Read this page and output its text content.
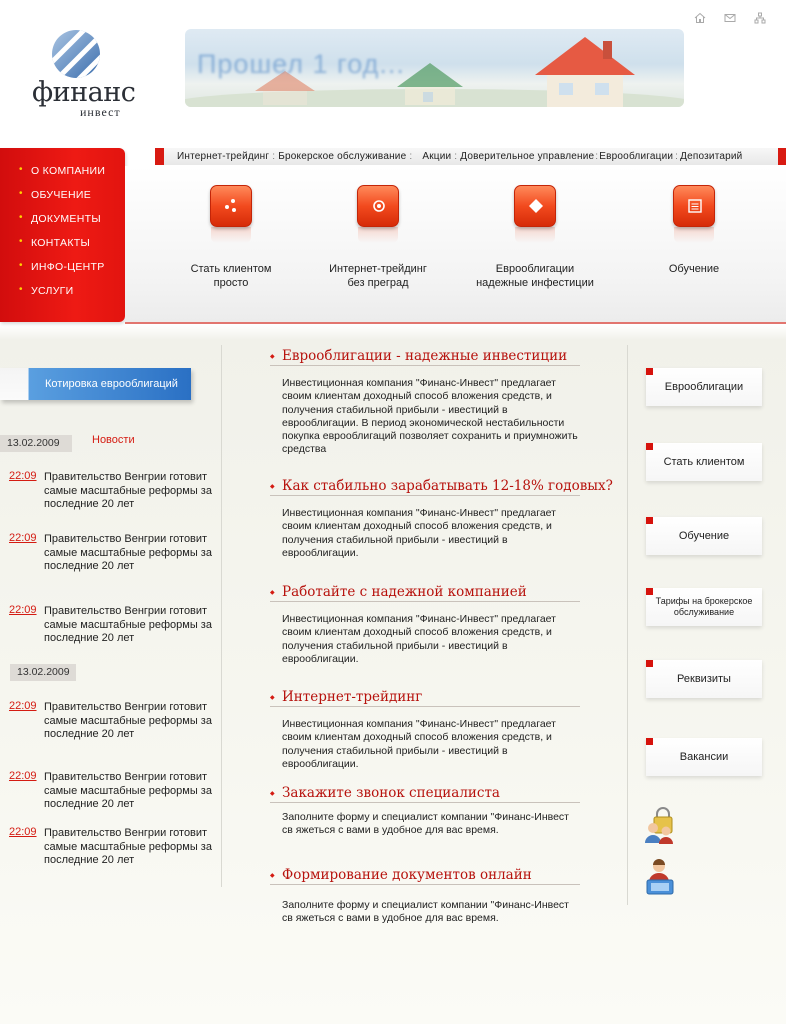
финанс
инвест
Прошел 1 год...
• О КОМПАНИИ
• ОБУЧЕНИЕ
• ДОКУМЕНТЫ
• КОНТАКТЫ
• ИНФО-ЦЕНТР
• УСЛУГИ
Интернет-трейдинг : Брокерское обслуживание : Акции : Доверительное управление:Еврооблигации : Депозитарий
Стать клиентом
просто
Интернет-трейдинг
без преград
Еврооблигации
надежные инфестиции
Обучение

Котировка еврооблигаций
13.02.2009	Новости
22:09 Правительство Венгрии готовит самые масштабные реформы за последние 20 лет
22:09 Правительство Венгрии готовит самые масштабные реформы за последние 20 лет
22:09 Правительство Венгрии готовит самые масштабные реформы за последние 20 лет
13.02.2009
22:09 Правительство Венгрии готовит самые масштабные реформы за последние 20 лет
22:09 Правительство Венгрии готовит самые масштабные реформы за последние 20 лет
22:09 Правительство Венгрии готовит самые масштабные реформы за последние 20 лет
◆ Еврооблигации - надежные инвестиции

Инвестиционная компания "Финанс-Инвест" предлагает своим клиентам доходный способ вложения средств, и получения стабильной прибыли - ивестиций в еврооблигации. В период экономической нестабильности покупка еврооблигаций позволяет сохранить и приумножить средства

◆ Как стабильно зарабатывать 12-18% годовых?

Инвестиционная компания "Финанс-Инвест" предлагает своим клиентам доходный способ вложения средств, и получения стабильной прибыли - ивестиций в еврооблигации.

◆ Работайте с надежной компанией

Инвестиционная компания "Финанс-Инвест" предлагает своим клиентам доходный способ вложения средств, и получения стабильной прибыли - ивестиций в еврооблигации.

◆ Интернет-трейдинг

Инвестиционная компания "Финанс-Инвест" предлагает своим клиентам доходный способ вложения средств, и получения стабильной прибыли - ивестиций в еврооблигации.

◆ Закажите звонок специалиста

Заполните форму и специалист компании "Финанс-Инвест св яжеться с вами в удобное для вас время.

◆ Формирование документов онлайн

Заполните форму и специалист компании "Финанс-Инвест св яжеться с вами в удобное для вас время.

Еврооблигации
Стать клиентом
Обучение
Тарифы на брокерское обслуживание
Реквизиты
Вакансии
